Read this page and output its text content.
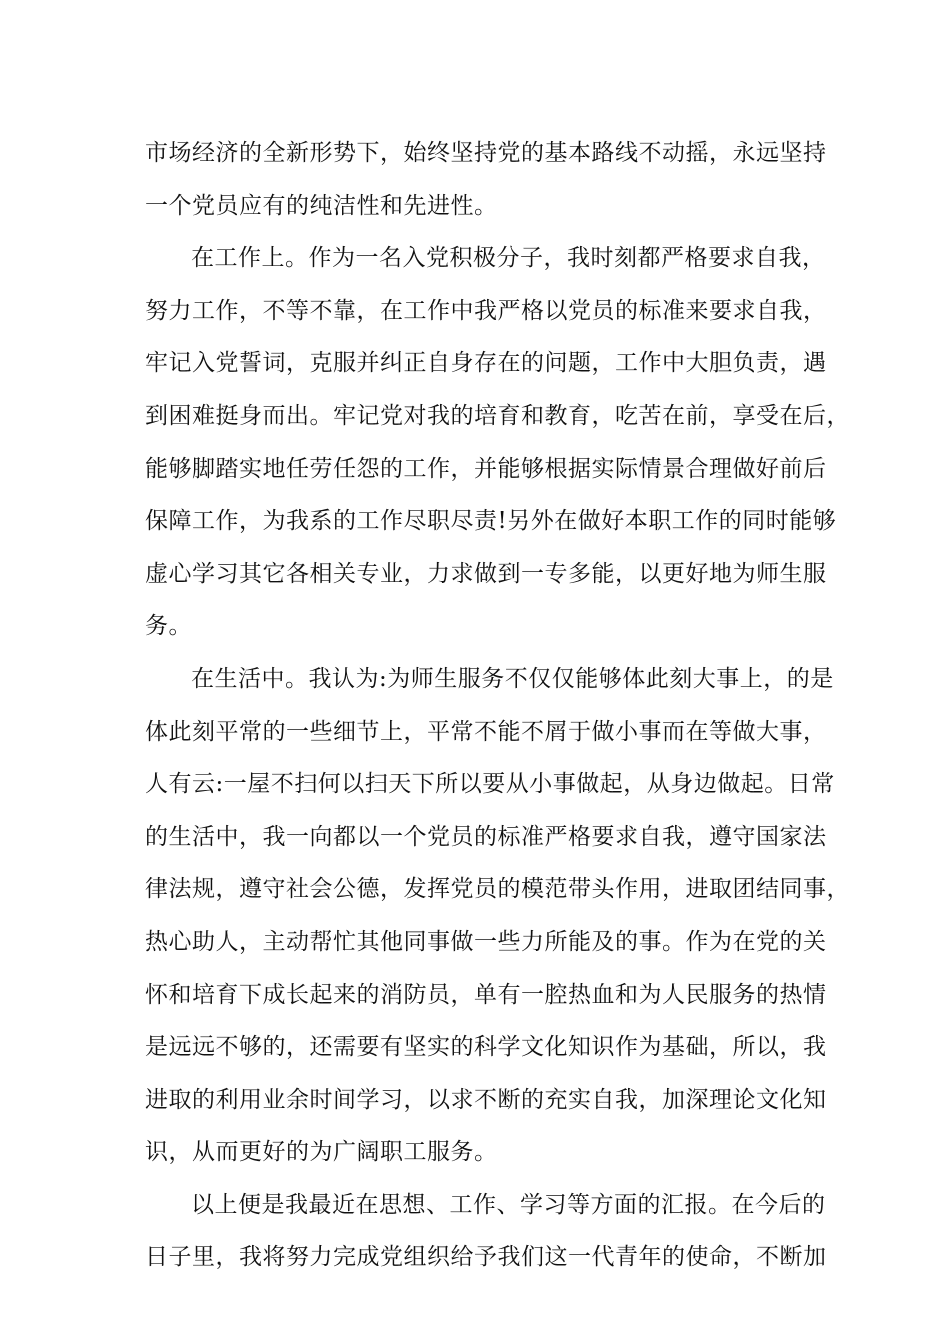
市场经济的全新形势下，始终坚持党的基本路线不动摇，永远坚持
一个党员应有的纯洁性和先进性。
在工作上。作为一名入党积极分子，我时刻都严格要求自我，
努力工作，不等不靠，在工作中我严格以党员的标准来要求自我，
牢记入党誓词，克服并纠正自身存在的问题，工作中大胆负责，遇
到困难挺身而出。牢记党对我的培育和教育，吃苦在前，享受在后，
能够脚踏实地任劳任怨的工作，并能够根据实际情景合理做好前后
保障工作，为我系的工作尽职尽责!另外在做好本职工作的同时能够
虚心学习其它各相关专业，力求做到一专多能，以更好地为师生服
务。
在生活中。我认为:为师生服务不仅仅能够体此刻大事上，的是
体此刻平常的一些细节上，平常不能不屑于做小事而在等做大事，
人有云:一屋不扫何以扫天下所以要从小事做起，从身边做起。日常
的生活中，我一向都以一个党员的标准严格要求自我，遵守国家法
律法规，遵守社会公德，发挥党员的模范带头作用，进取团结同事，
热心助人，主动帮忙其他同事做一些力所能及的事。作为在党的关
怀和培育下成长起来的消防员，单有一腔热血和为人民服务的热情
是远远不够的，还需要有坚实的科学文化知识作为基础，所以，我
进取的利用业余时间学习，以求不断的充实自我，加深理论文化知
识，从而更好的为广阔职工服务。
以上便是我最近在思想、工作、学习等方面的汇报。在今后的
日子里，我将努力完成党组织给予我们这一代青年的使命，不断加
